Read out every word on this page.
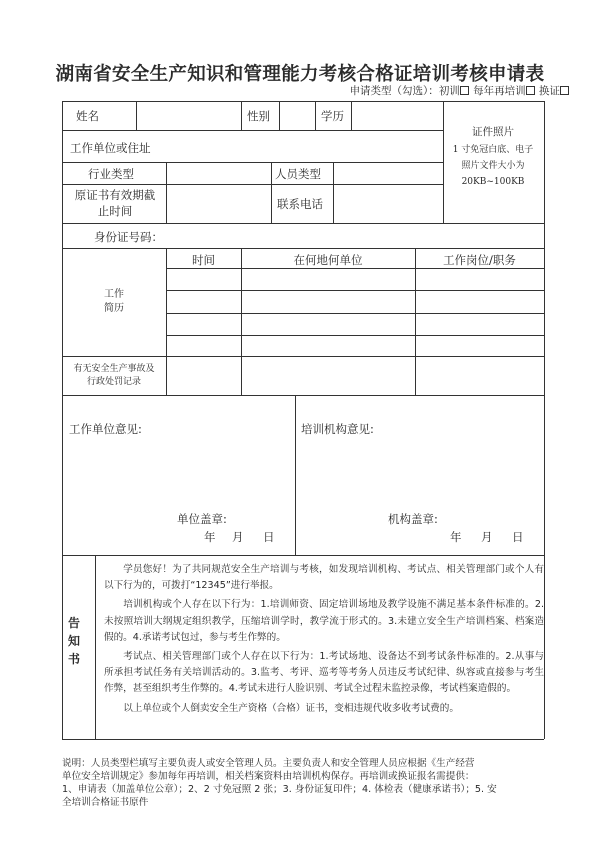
湖南省安全生产知识和管理能力考核合格证培训考核申请表
申请类型（勾选）：初训 每年再培训 换证
姓名	性别	学历
工作单位或住址
行业类型	人员类型
原证书有效期截止时间	联系电话
证件照片
1 寸免冠白底、电子
照片文件大小为
20KB~100KB
身份证号码：
工作
简历
时间	在何地何单位	工作岗位/职务
有无安全生产事故及
行政处罚记录
工作单位意见:	培训机构意见:
单位盖章:	机构盖章:
年 月 日	年 月 日
告
知
书

学员您好！为了共同规范安全生产培训与考核，如发现培训机构、考试点、相关管理部门或个人有以下行为的，可拨打“12345”进行举报。

培训机构或个人存在以下行为：1.培训师资、固定培训场地及教学设施不满足基本条件标准的。2.未按照培训大纲规定组织教学，压缩培训学时，教学流于形式的。3.未建立安全生产培训档案、档案造假的。4.承诺考试包过，参与考生作弊的。

考试点、相关管理部门或个人存在以下行为：1.考试场地、设备达不到考试条件标准的。2.从事与所承担考试任务有关培训活动的。3.监考、考评、巡考等考务人员违反考试纪律、纵容或直接参与考生作弊，甚至组织考生作弊的。4.考试未进行人脸识别、考试全过程未监控录像，考试档案造假的。

以上单位或个人倒卖安全生产资格（合格）证书，变相违规代收多收考试费的。

说明：人员类型栏填写主要负责人或安全管理人员。主要负责人和安全管理人员应根据《生产经营
单位安全培训规定》参加每年再培训，相关档案资料由培训机构保存。再培训或换证报名需提供：
1、申请表（加盖单位公章）；2、2 寸免冠照 2 张；3. 身份证复印件；4. 体检表（健康承诺书）；5. 安
全培训合格证书原件
